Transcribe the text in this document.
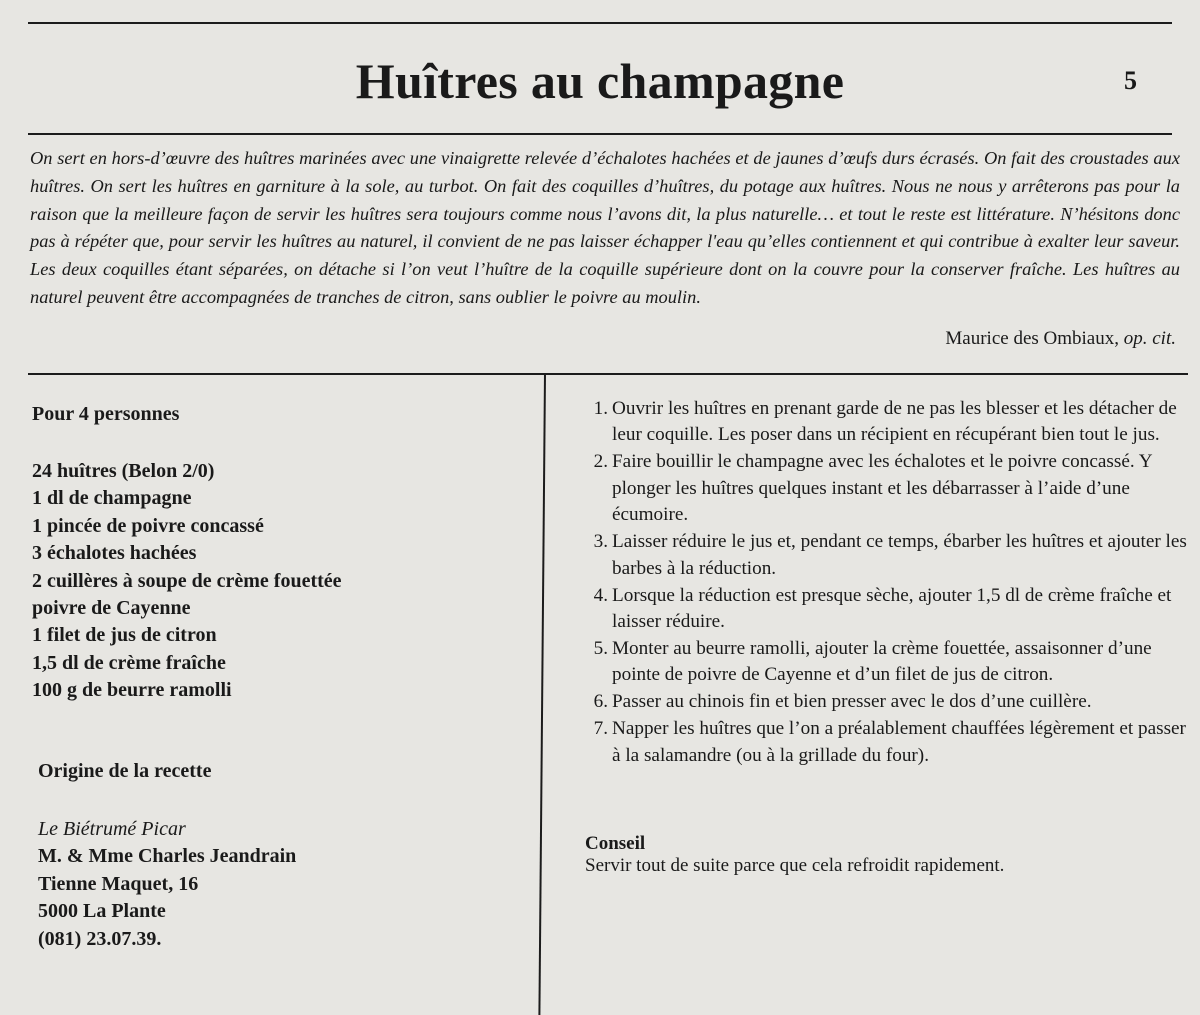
Huîtres au champagne	5

On sert en hors-d’œuvre des huîtres marinées avec une vinaigrette relevée d’échalotes hachées et de jaunes d’œufs durs écrasés. On fait des croustades aux huîtres. On sert les huîtres en garniture à la sole, au turbot. On fait des coquilles d’huîtres, du potage aux huîtres. Nous ne nous y arrêterons pas pour la raison que la meilleure façon de servir les huîtres sera toujours comme nous l’avons dit, la plus naturelle… et tout le reste est littérature. N’hésitons donc pas à répéter que, pour servir les huîtres au naturel, il convient de ne pas laisser échapper l'eau qu’elles contiennent et qui contribue à exalter leur saveur. Les deux coquilles étant séparées, on détache si l’on veut l’huître de la coquille supérieure dont on la couvre pour la conserver fraîche. Les huîtres au naturel peuvent être accompagnées de tranches de citron, sans oublier le poivre au moulin.

Maurice des Ombiaux, op. cit.

Pour 4 personnes

24 huîtres (Belon 2/0)
1 dl de champagne
1 pincée de poivre concassé
3 échalotes hachées
2 cuillères à soupe de crème fouettée
poivre de Cayenne
1 filet de jus de citron
1,5 dl de crème fraîche
100 g de beurre ramolli

Origine de la recette

Le Biétrumé Picar
M. & Mme Charles Jeandrain
Tienne Maquet, 16
5000 La Plante
(081) 23.07.39.
1. Ouvrir les huîtres en prenant garde de ne pas les blesser et les détacher de leur coquille. Les poser dans un récipient en récupérant bien tout le jus.
2. Faire bouillir le champagne avec les échalotes et le poivre concassé. Y plonger les huîtres quelques instant et les débarrasser à l’aide d’une écumoire.
3. Laisser réduire le jus et, pendant ce temps, ébarber les huîtres et ajouter les barbes à la réduction.
4. Lorsque la réduction est presque sèche, ajouter 1,5 dl de crème fraîche et laisser réduire.
5. Monter au beurre ramolli, ajouter la crème fouettée, assaisonner d’une pointe de poivre de Cayenne et d’un filet de jus de citron.
6. Passer au chinois fin et bien presser avec le dos d’une cuillère.
7. Napper les huîtres que l’on a préalablement chauffées légèrement et passer à la salamandre (ou à la grillade du four).

Conseil

Servir tout de suite parce que cela refroidit rapidement.
